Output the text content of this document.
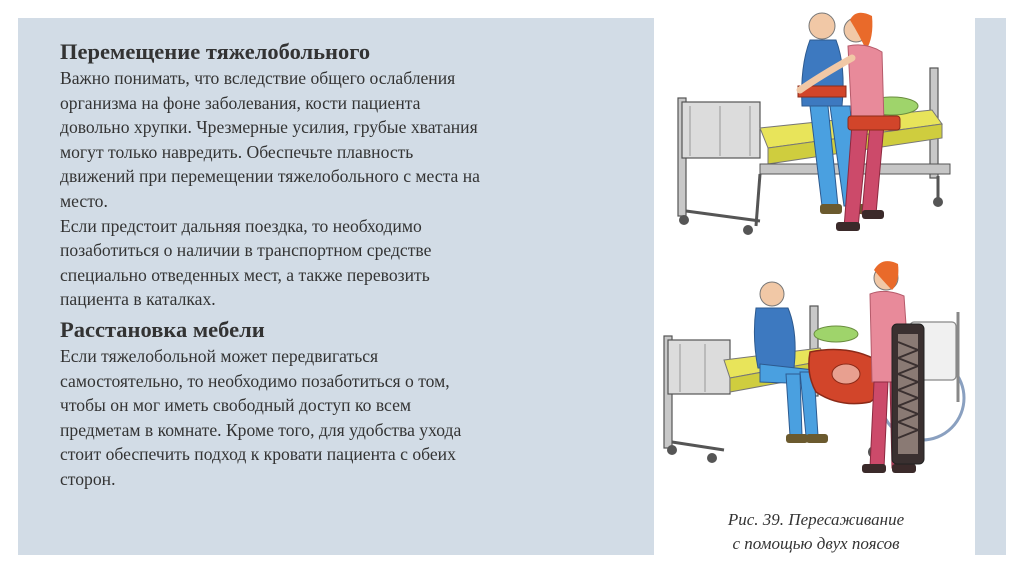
Перемещение тяжелобольного

Важно понимать, что вследствие общего ослабления

организма на фоне заболевания, кости пациента

довольно хрупки. Чрезмерные усилия, грубые хватания

могут только навредить. Обеспечьте плавность

движений при перемещении тяжелобольного с места на

место.

Если предстоит дальняя поездка, то необходимо

позаботиться о наличии в транспортном средстве

специально отведенных мест, а также перевозить

пациента в каталках.

Расстановка мебели

Если тяжелобольной может передвигаться

самостоятельно, то необходимо позаботиться о том,

чтобы он мог иметь свободный доступ ко всем

предметам в комнате. Кроме того, для удобства ухода

стоит обеспечить подход к кровати пациента с обеих

сторон.

Рис. 39. Пересаживание
с помощью двух поясов
